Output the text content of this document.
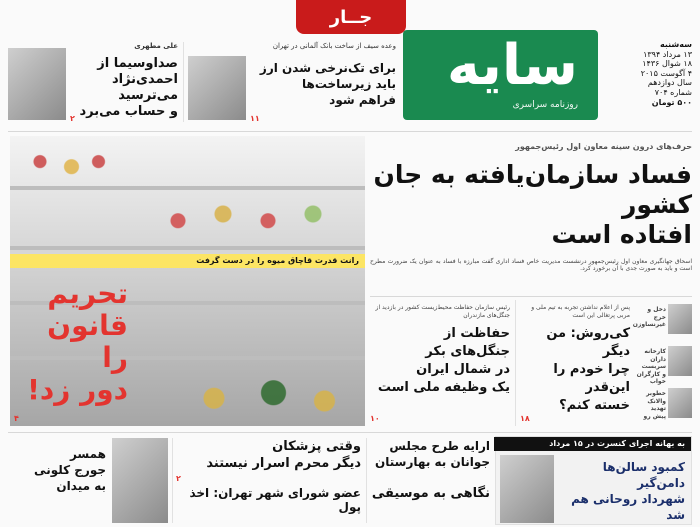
جــار
سایه
روزنامه سراسری
سه‌شنبه
۱۳ مرداد ۱۳۹۴
۱۸ شوال ۱۴۳۶
۴ آگوست ۲۰۱۵
سال دوازدهم
شماره ۷۰۴
۵۰۰ تومان
علی مطهری
صداوسیما از
احمدی‌نژاد می‌ترسید
و حساب می‌برد
۲
وعده سیف از ساخت بانک آلمانی در تهران
برای تک‌نرخی شدن ارز
باید زیرساخت‌ها
فراهم شود
۱۱
رانت قدرت قاچاق میوه را در دست گرفت
تحریم
قانون را
دور زد!
۴
حرف‌های درون سینه معاون اول رئیس‌جمهور
فساد سازمان‌یافته به جان کشور
افتاده است
اسحاق جهانگیری معاون اول رئیس‌جمهور درنشست مدیریت خاص فساد اداری گفت مبارزه با فساد به عنوان یک ضرورت مطرح است و باید به صورت جدی با آن برخورد کرد.
رئیس سازمان حفاظت محیط‌زیست کشور در بازدید از جنگل‌های مازندران
حفاظت از
جنگل‌های بکر
در شمال ایران
یک وظیفه ملی است
۱۰
پس از اعلام نداشتن تجربه به تیم ملی و مربی پرتغالی این است
کی‌روش: من دیگر
چرا خودم را
این‌قدر
خسته کنم؟
۱۸
دخل و خرج غیرنساوزن
کارخانه داران سربست و کارگران خواب
خطوبر والانک تهدید پیش رو
همسر
جورج کلونی
به میدان
وقتی پزشکان
دیگر محرم اسرار نیستند
۲
عضو شورای شهر تهران: اخذ پول
ارایه طرح مجلس
جوانان به بهارستان
نگاهی به موسیقی
به بهانه اجرای کنسرت در ۱۵ مرداد
کمبود سالن‌ها دامن‌گیر
شهرداد روحانی هم شد
